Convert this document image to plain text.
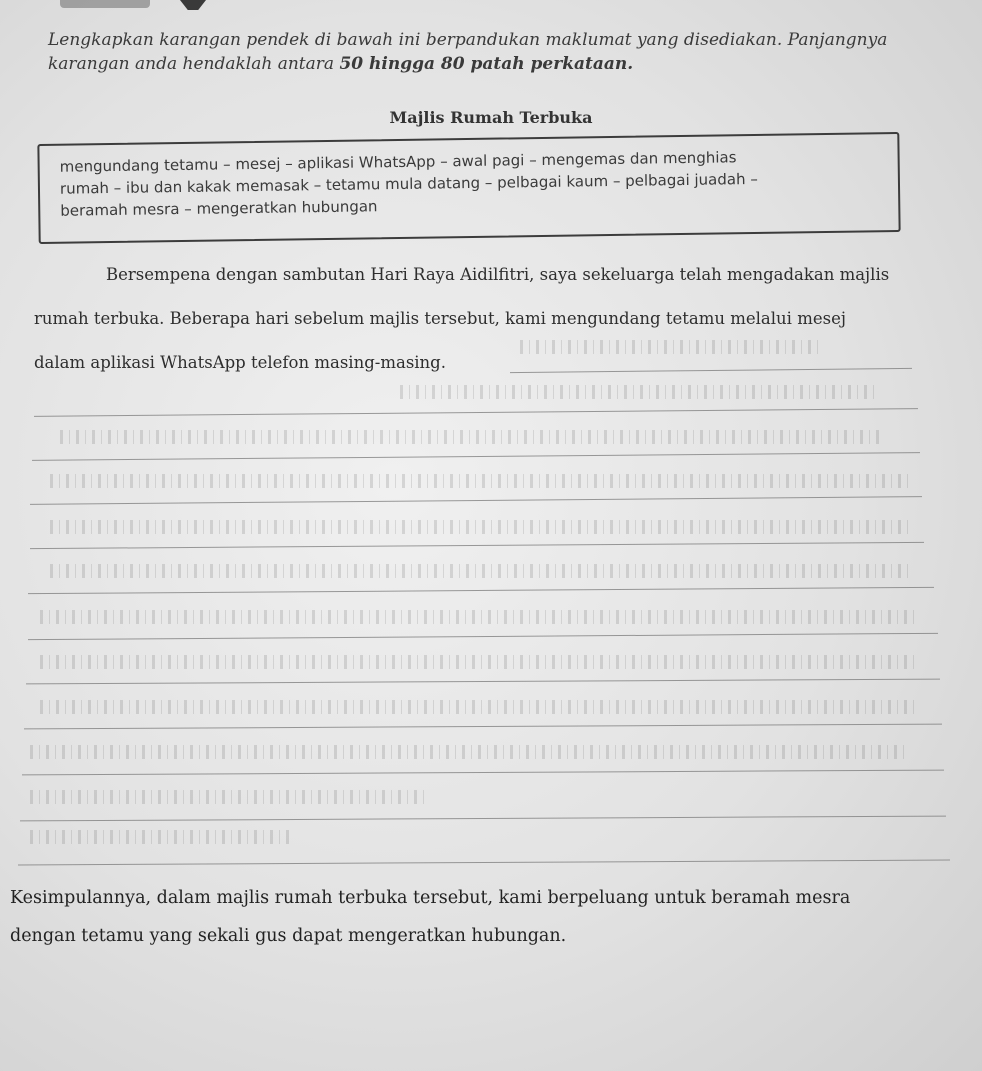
Lengkapkan karangan pendek di bawah ini berpandukan maklumat yang disediakan. Panjangnya
karangan anda hendaklah antara 50 hingga 80 patah perkataan.
Majlis Rumah Terbuka
mengundang tetamu – mesej – aplikasi WhatsApp – awal pagi – mengemas dan menghias
rumah – ibu dan kakak memasak – tetamu mula datang – pelbagai kaum – pelbagai juadah –
beramah mesra – mengeratkan hubungan
Bersempena dengan sambutan Hari Raya Aidilfitri, saya sekeluarga telah mengadakan majlis
rumah terbuka. Beberapa hari sebelum majlis tersebut, kami mengundang tetamu melalui mesej
dalam aplikasi WhatsApp telefon masing-masing.
Kesimpulannya, dalam majlis rumah terbuka tersebut, kami berpeluang untuk beramah mesra
dengan tetamu yang sekali gus dapat mengeratkan hubungan.
